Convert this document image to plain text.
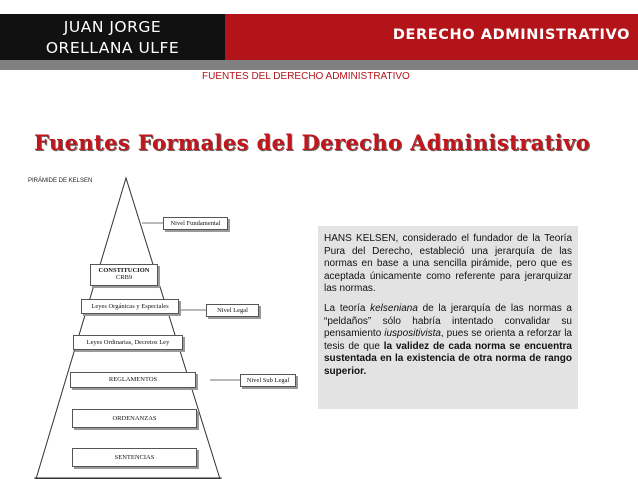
JUAN JORGE
ORELLANA ULFE
DERECHO ADMINISTRATIVO
FUENTES DEL DERECHO ADMINISTRATIVO
Fuentes Formales del Derecho Administrativo
PIRÁMIDE DE KELSEN
CONSTITUCION
CRB9
Leyes Orgánicas y Especiales
Leyes Ordinarias, Decretos Ley
REGLAMENTOS
ORDENANZAS
SENTENCIAS
Nivel Fundamental
Nivel Legal
Nivel Sub Legal

HANS KELSEN, considerado el fundador de la Teoría Pura del Derecho, estableció una jerarquía de las normas en base a una sencilla pirámide, pero que es aceptada únicamente como referente para jerarquizar las normas.

La teoría kelseniana de la jerarquía de las normas a “peldaños” sólo habría intentado convalidar su pensamiento iuspositivista, pues se orienta a reforzar la tesis de que la validez de cada norma se encuentra sustentada en la existencia de otra norma de rango superior.
